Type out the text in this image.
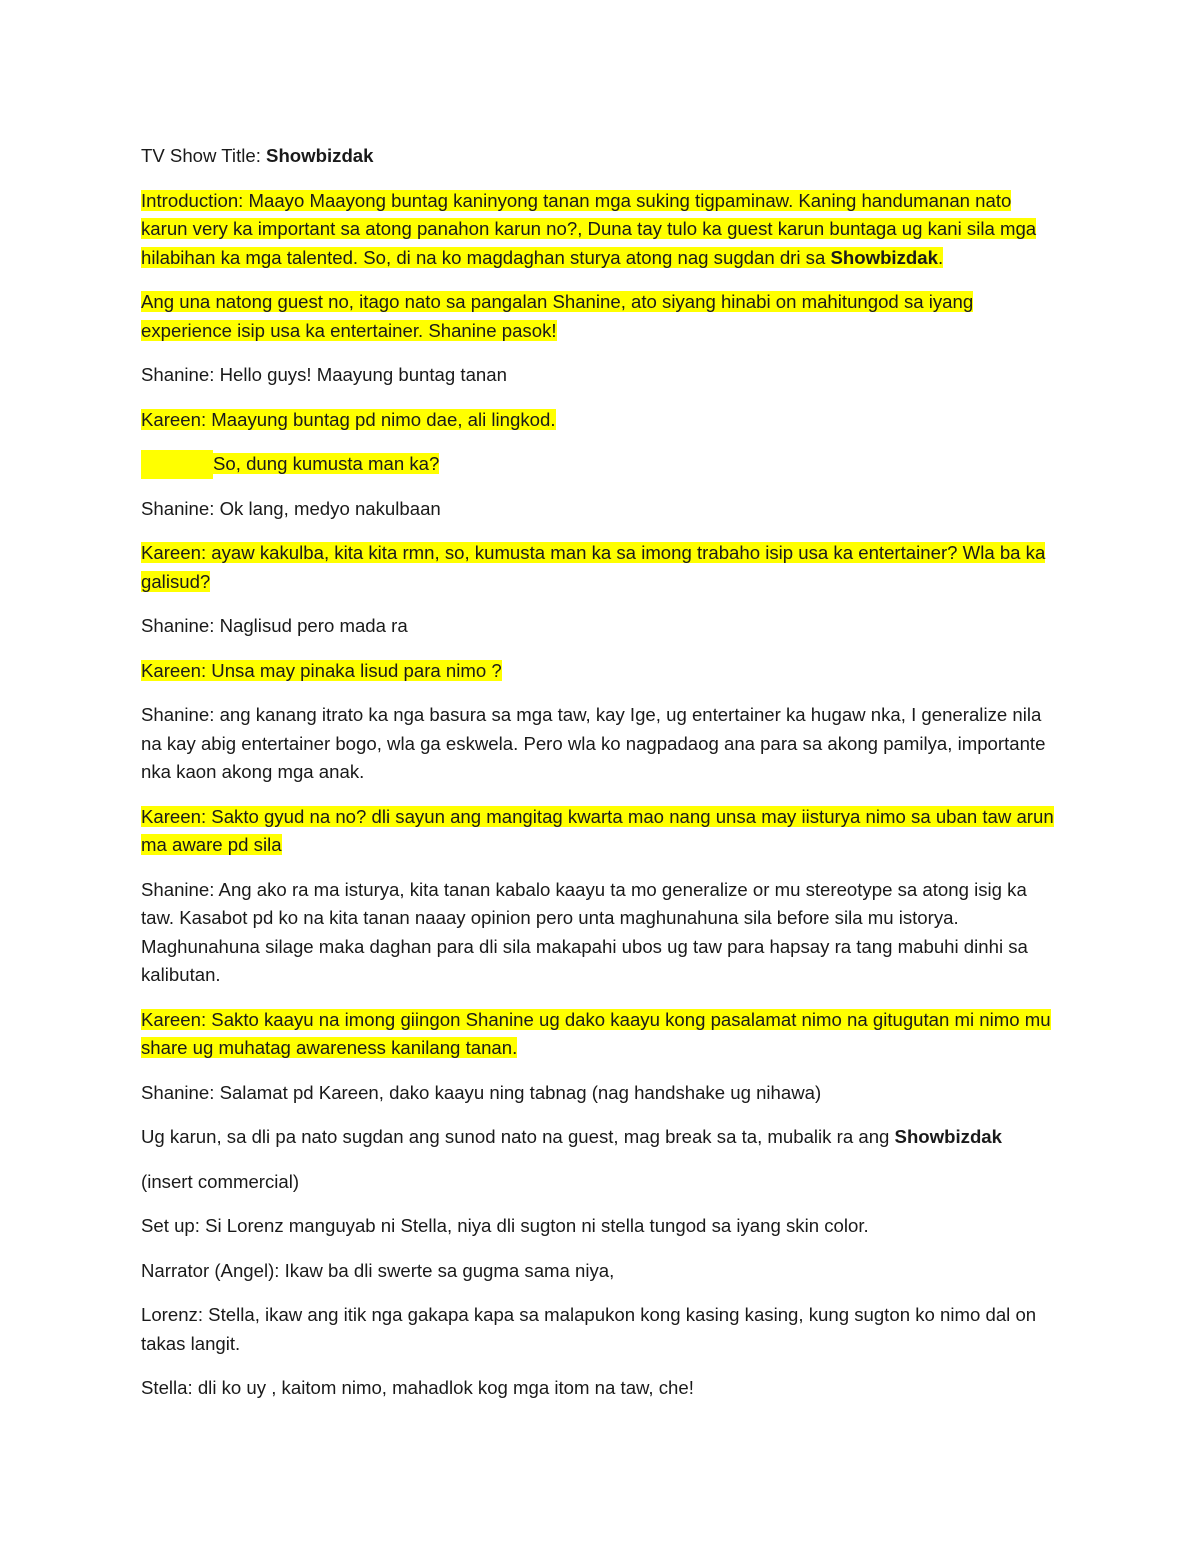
TV Show Title: Showbizdak

Introduction: Maayo Maayong buntag kaninyong tanan mga suking tigpaminaw. Kaning handumanan nato karun very ka important sa atong panahon karun no?, Duna tay tulo ka guest karun buntaga ug kani sila mga hilabihan ka mga talented. So, di na ko magdaghan sturya atong nag sugdan dri sa Showbizdak.

Ang una natong guest no, itago nato sa pangalan Shanine, ato siyang hinabi on mahitungod sa iyang experience isip usa ka entertainer. Shanine pasok!

Shanine: Hello guys! Maayung buntag tanan

Kareen: Maayung buntag pd nimo dae, ali lingkod.

So, dung kumusta man ka?

Shanine: Ok lang, medyo nakulbaan

Kareen: ayaw kakulba, kita kita rmn, so, kumusta man ka sa imong trabaho isip usa ka entertainer? Wla ba ka galisud?

Shanine: Naglisud pero mada ra

Kareen: Unsa may pinaka lisud para nimo ?

Shanine: ang kanang itrato ka nga basura sa mga taw, kay Ige, ug entertainer ka hugaw nka, I generalize nila na kay abig entertainer bogo, wla ga eskwela. Pero wla ko nagpadaog ana para sa akong pamilya, importante nka kaon akong mga anak.

Kareen: Sakto gyud na no? dli sayun ang mangitag kwarta mao nang unsa may iisturya nimo sa uban taw arun ma aware pd sila

Shanine: Ang ako ra ma isturya, kita tanan kabalo kaayu ta mo generalize or mu stereotype sa atong isig ka taw. Kasabot pd ko na kita tanan naaay opinion pero unta maghunahuna sila before sila mu istorya. Maghunahuna silage maka daghan para dli sila makapahi ubos ug taw para hapsay ra tang mabuhi dinhi sa kalibutan.

Kareen: Sakto kaayu na imong giingon Shanine ug dako kaayu kong pasalamat nimo na gitugutan mi nimo mu share ug muhatag awareness kanilang tanan.

Shanine: Salamat pd Kareen, dako kaayu ning tabnag (nag handshake ug nihawa)

Ug karun, sa dli pa nato sugdan ang sunod nato na guest, mag break sa ta, mubalik ra ang Showbizdak

(insert commercial)

Set up: Si Lorenz manguyab ni Stella, niya dli sugton ni stella tungod sa iyang skin color.

Narrator (Angel): Ikaw ba dli swerte sa gugma sama niya,

Lorenz: Stella, ikaw ang itik nga gakapa kapa sa malapukon kong kasing kasing, kung sugton ko nimo dal on takas langit.

Stella: dli ko uy , kaitom nimo, mahadlok kog mga itom na taw, che!
